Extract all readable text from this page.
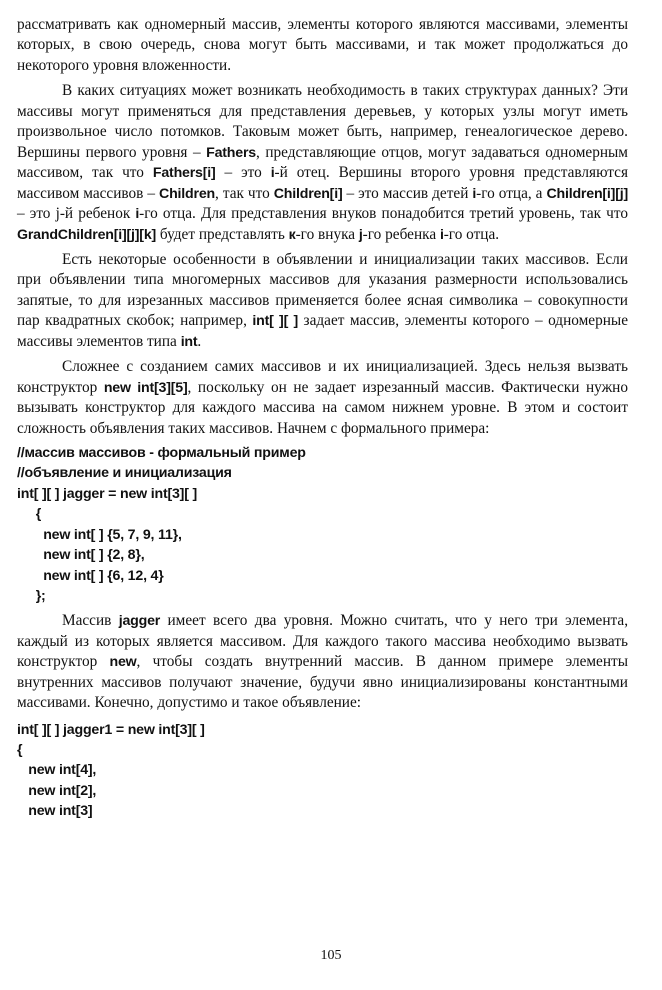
рассматривать как одномерный массив, элементы которого являются массивами, элементы которых, в свою очередь, снова могут быть массивами, и так может продолжаться до некоторого уровня вложенности.

В каких ситуациях может возникать необходимость в таких структурах данных? Эти массивы могут применяться для представления деревьев, у которых узлы могут иметь произвольное число потомков. Таковым может быть, например, генеалогическое дерево. Вершины первого уровня – Fathers, представляющие отцов, могут задаваться одномерным массивом, так что Fathers[i] – это i-й отец. Вершины второго уровня представляются массивом массивов – Children, так что Children[i] – это массив детей i-го отца, а Children[i][j] – это j-й ребенок i-го отца. Для представления внуков понадобится третий уровень, так что GrandChildren[i][j][k] будет представлять к-го внука j-го ребенка i-го отца.

Есть некоторые особенности в объявлении и инициализации таких массивов. Если при объявлении типа многомерных массивов для указания размерности использовались запятые, то для изрезанных массивов применяется более ясная символика – совокупности пар квадратных скобок; например, int[ ][ ] задает массив, элементы которого – одномерные массивы элементов типа int.

Сложнее с созданием самих массивов и их инициализацией. Здесь нельзя вызвать конструктор new int[3][5], поскольку он не задает изрезанный массив. Фактически нужно вызывать конструктор для каждого массива на самом нижнем уровне. В этом и состоит сложность объявления таких массивов. Начнем с формального примера:

//массив массивов - формальный пример
//объявление и инициализация
int[ ][ ] jagger = new int[3][ ]
{
new int[ ] {5, 7, 9, 11},
new int[ ] {2, 8},
new int[ ] {6, 12, 4}
};

Массив jagger имеет всего два уровня. Можно считать, что у него три элемента, каждый из которых является массивом. Для каждого такого массива необходимо вызвать конструктор new, чтобы создать внутренний массив. В данном примере элементы внутренних массивов получают значение, будучи явно инициализированы константными массивами. Конечно, допустимо и такое объявление:

int[ ][ ] jagger1 = new int[3][ ]
{
new int[4],
new int[2],
new int[3]
105
